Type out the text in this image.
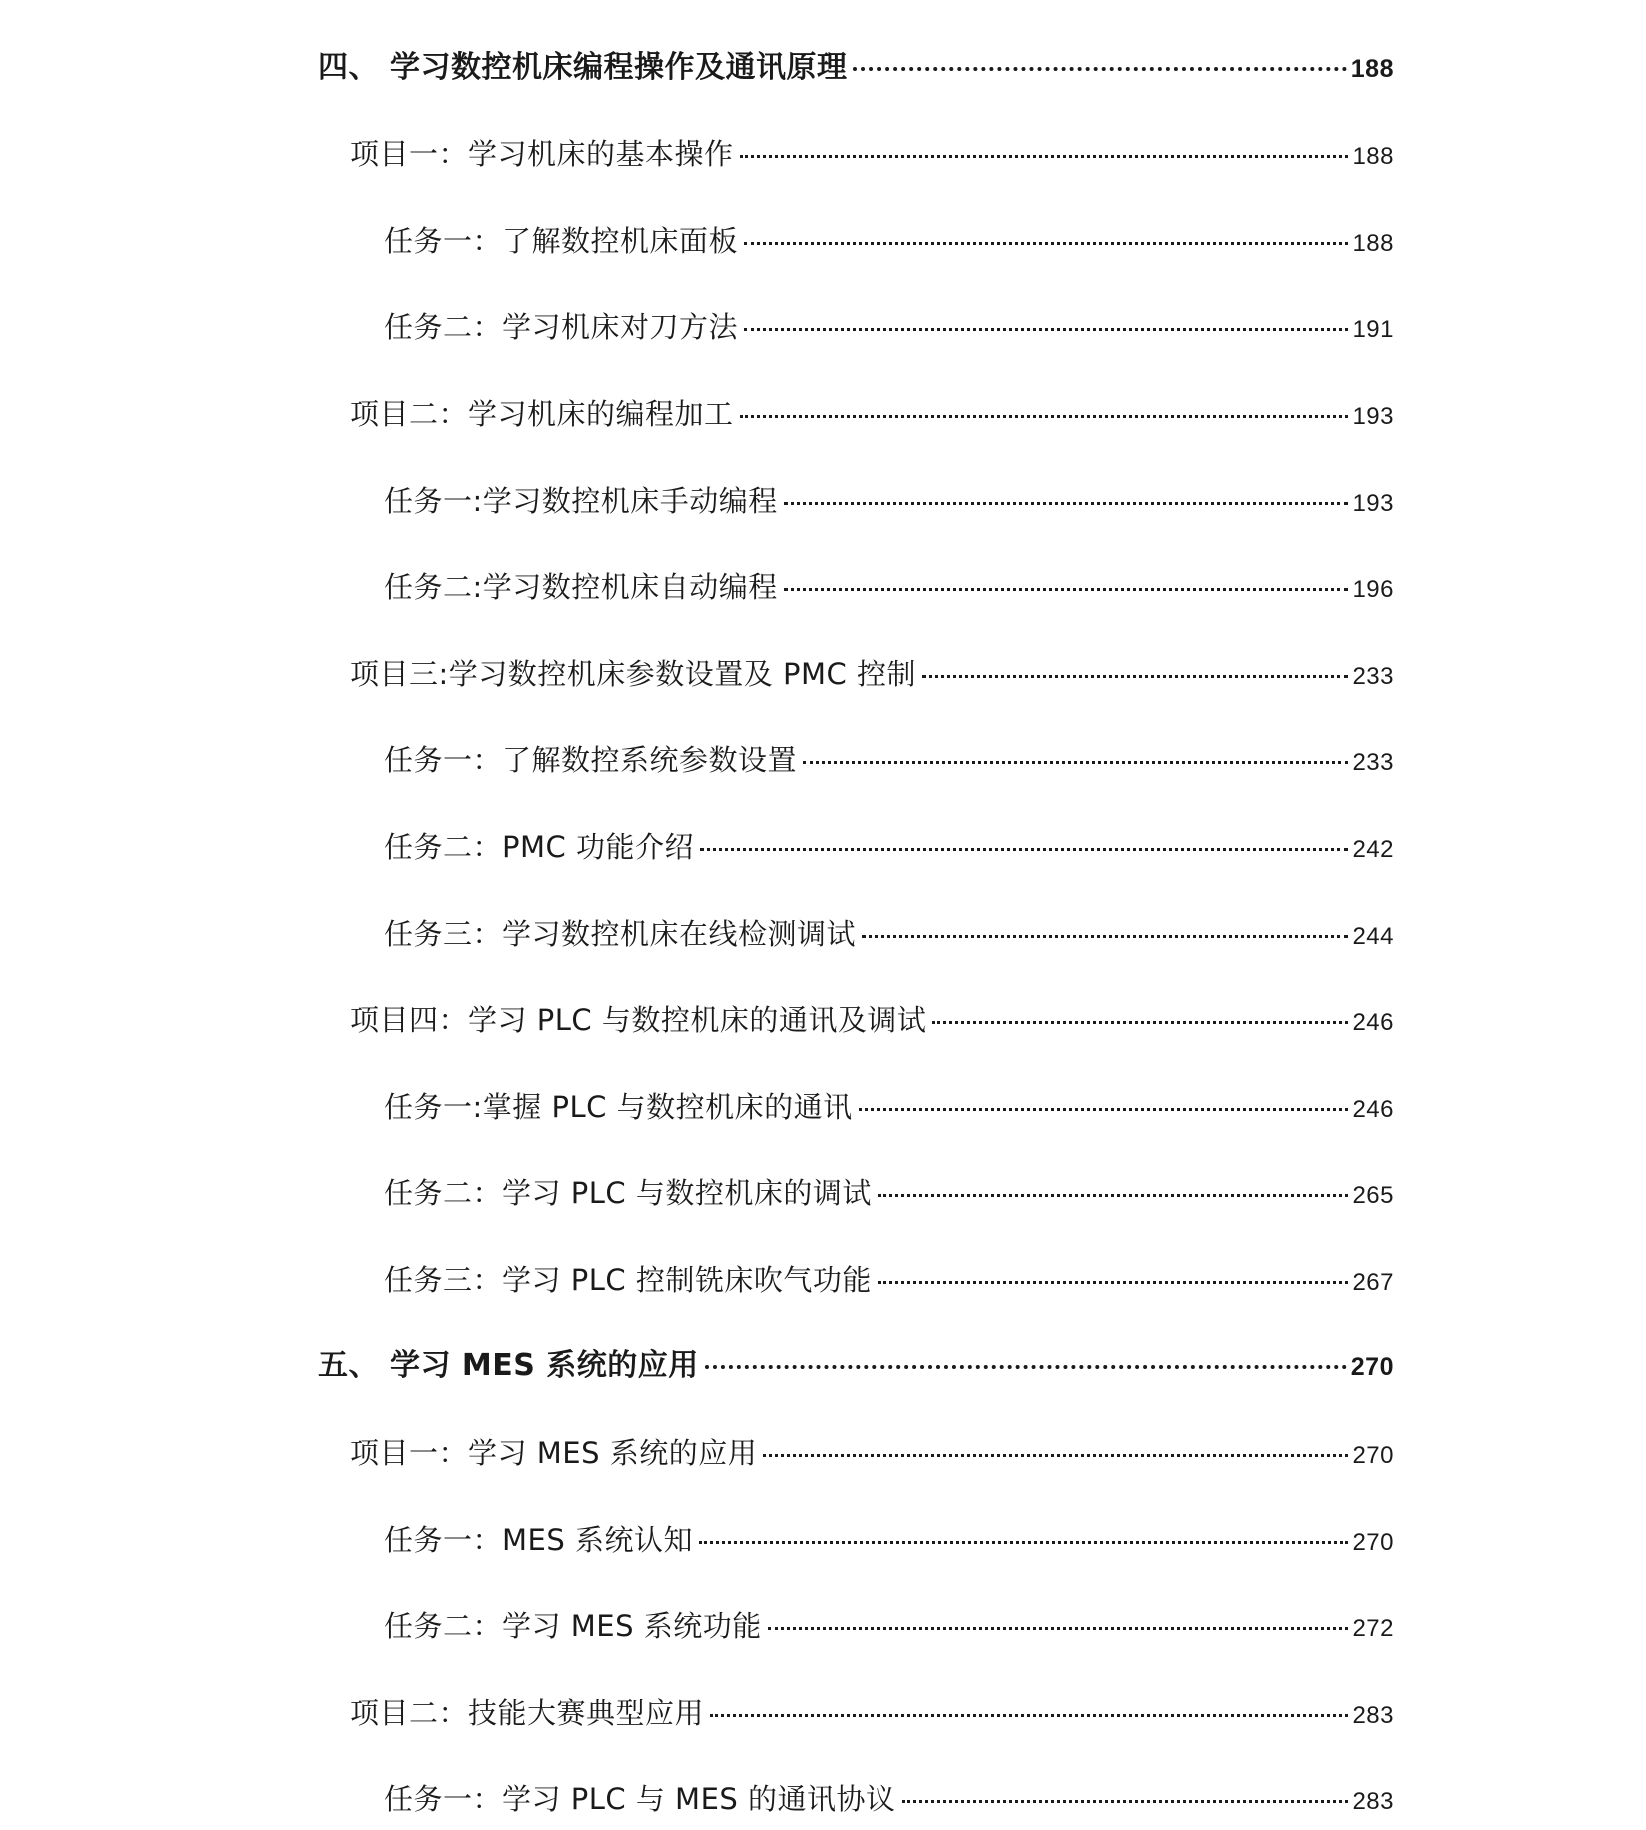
四、 学习数控机床编程操作及通讯原理	188
项目一：学习机床的基本操作	188
任务一：了解数控机床面板	188
任务二：学习机床对刀方法	191
项目二：学习机床的编程加工	193
任务一:学习数控机床手动编程	193
任务二:学习数控机床自动编程	196
项目三:学习数控机床参数设置及 PMC 控制	233
任务一：了解数控系统参数设置	233
任务二：PMC 功能介绍	242
任务三：学习数控机床在线检测调试	244
项目四：学习 PLC 与数控机床的通讯及调试	246
任务一:掌握 PLC 与数控机床的通讯	246
任务二：学习 PLC 与数控机床的调试	265
任务三：学习 PLC 控制铣床吹气功能	267
五、 学习 MES 系统的应用	270
项目一：学习 MES 系统的应用	270
任务一：MES 系统认知	270
任务二：学习 MES 系统功能	272
项目二：技能大赛典型应用	283
任务一：学习 PLC 与 MES 的通讯协议	283
